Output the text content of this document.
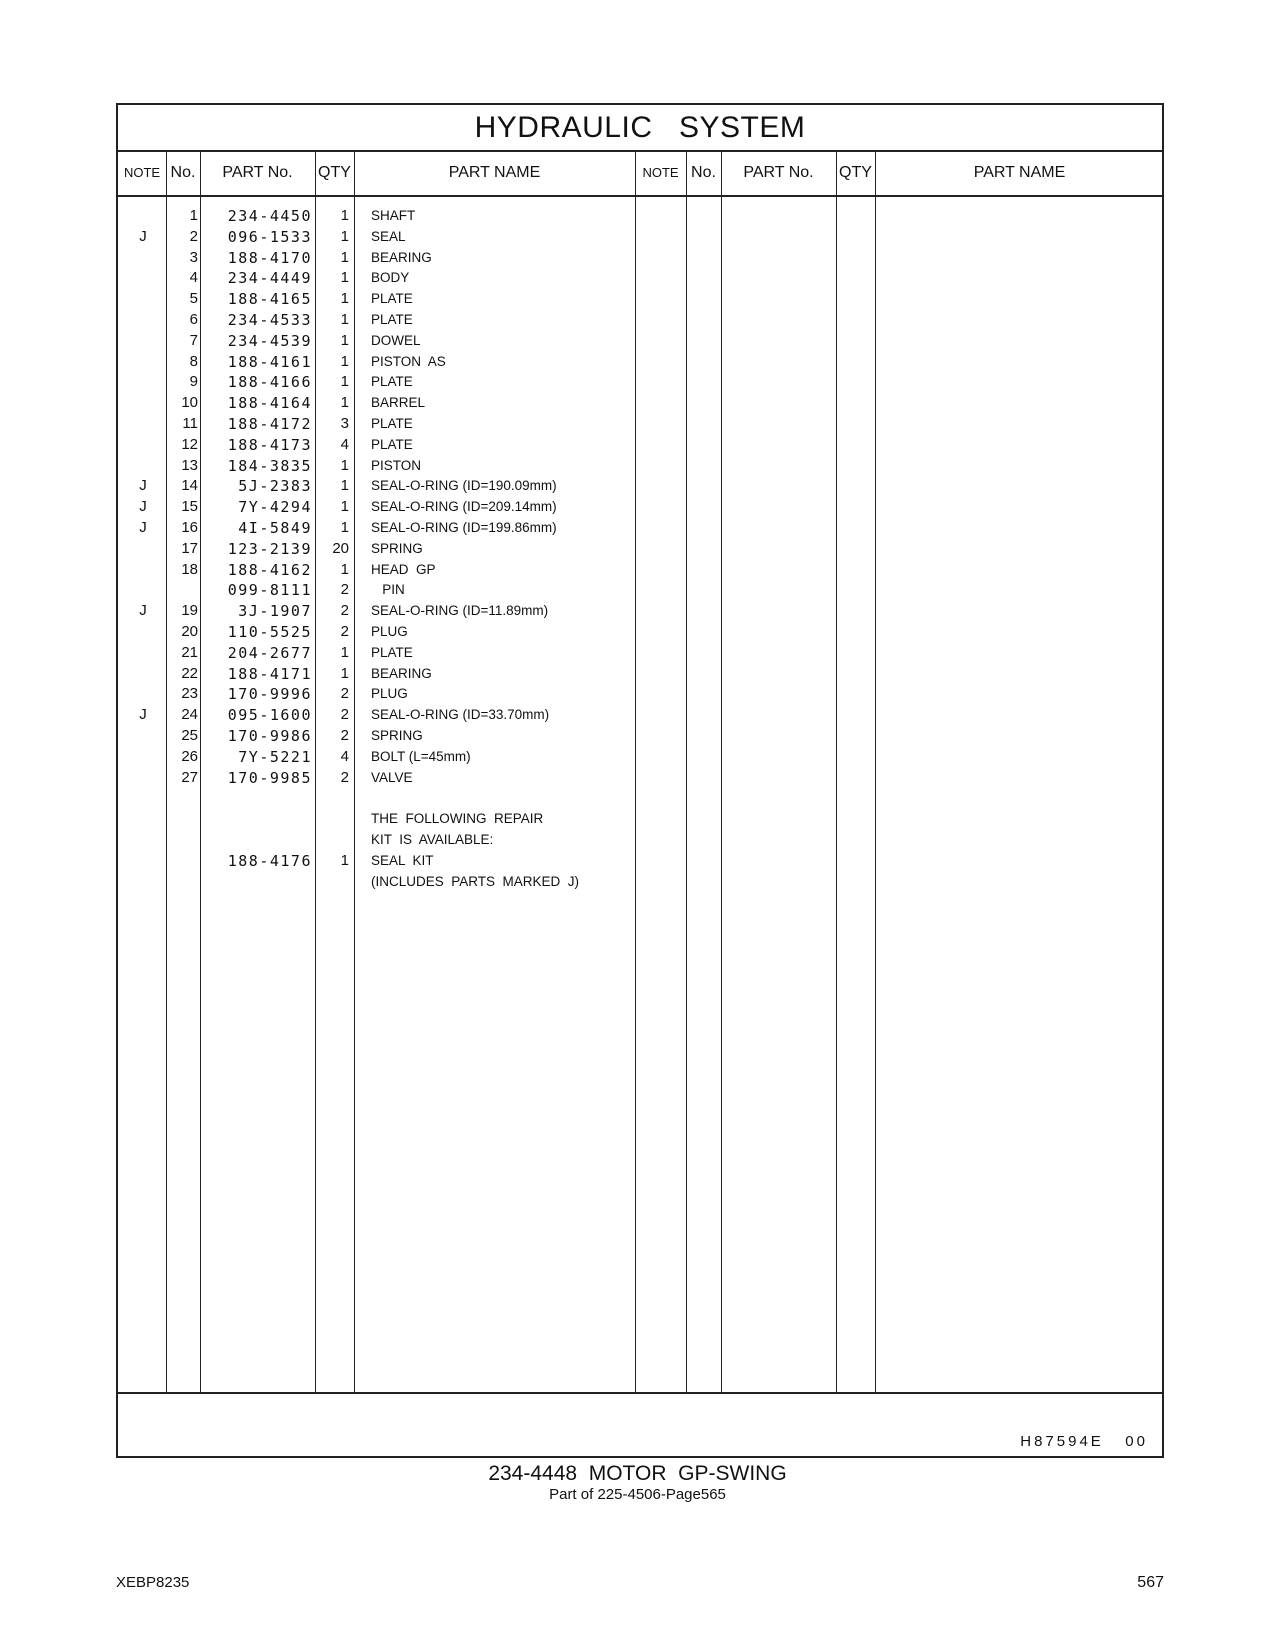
HYDRAULIC   SYSTEM
NOTE No.	PART No.	QTY	PART NAME	NOTE No.	PART No.	QTY	PART NAME
1	234-4450	1 SHAFT
J	2	096-1533	1 SEAL
3	188-4170	1 BEARING
4	234-4449	1 BODY
5	188-4165	1 PLATE
6	234-4533	1 PLATE
7	234-4539	1 DOWEL
8	188-4161	1 PISTON  AS
9	188-4166	1 PLATE
10	188-4164	1 BARREL
11	188-4172	3 PLATE
12	188-4173	4 PLATE
13	184-3835	1 PISTON
J	14	5J-2383	1 SEAL-O-RING (ID=190.09mm)
J	15	7Y-4294	1 SEAL-O-RING (ID=209.14mm)
J	16	4I-5849	1 SEAL-O-RING (ID=199.86mm)
17	123-2139	20 SPRING
18	188-4162	1 HEAD  GP
099-8111	2 PIN
J	19	3J-1907	2 SEAL-O-RING (ID=11.89mm)
20	110-5525	2 PLUG
21	204-2677	1 PLATE
22	188-4171	1 BEARING
23	170-9996	2 PLUG
J	24	095-1600	2 SEAL-O-RING (ID=33.70mm)
25	170-9986	2 SPRING
26	7Y-5221	4 BOLT (L=45mm)
27	170-9985	2 VALVE
THE  FOLLOWING  REPAIR
KIT  IS  AVAILABLE:
188-4176	1 SEAL  KIT
(INCLUDES  PARTS  MARKED  J)
H87594E   00
234-4448  MOTOR  GP-SWING
Part of 225-4506-Page565
XEBP8235	567
